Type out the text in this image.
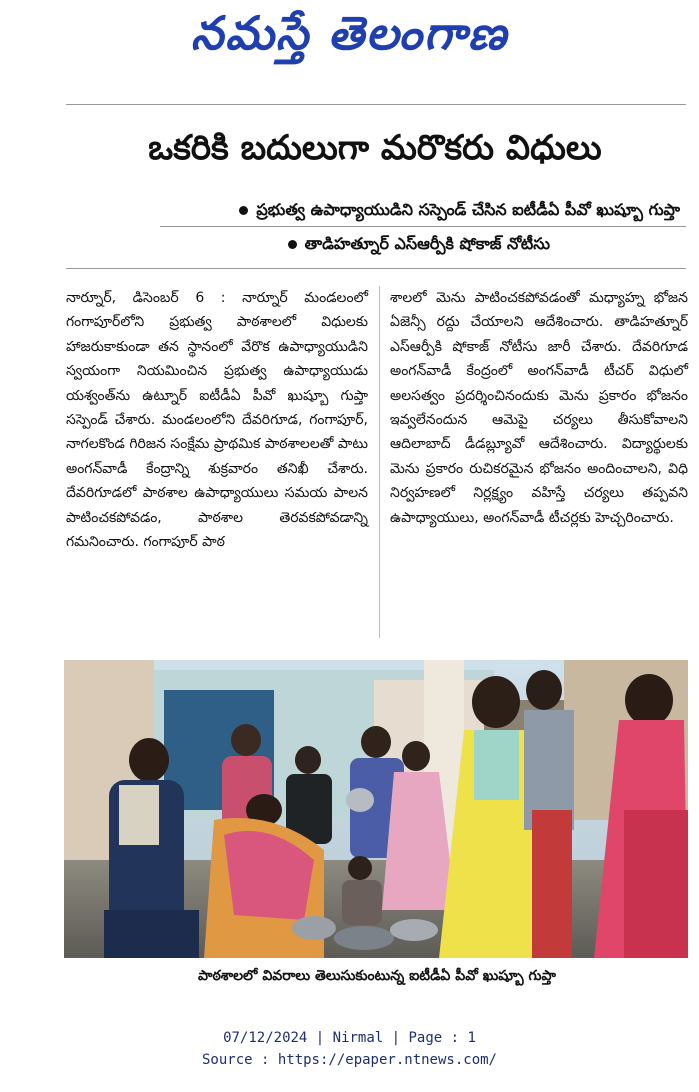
నమస్తే తెలంగాణ
ఒకరికి బదులుగా మరొకరు విధులు
ప్రభుత్వ ఉపాధ్యాయుడిని సస్పెండ్ చేసిన ఐటీడీఏ పీవో ఖుష్బూ గుప్తా
తాడిహత్నూర్ ఎస్ఆర్పీకి షోకాజ్ నోటీసు
నార్నూర్, డిసెంబర్ 6 : నార్నూర్ మండలంలో గంగాపూర్‌లోని ప్రభుత్వ పాఠశాలలో విధులకు హాజరుకాకుండా తన స్థానంలో వేరొక ఉపాధ్యాయుడిని స్వయంగా నియమించిన ప్రభుత్వ ఉపాధ్యాయుడు యశ్వంత్‌ను ఉట్నూర్ ఐటీడీఏ పీవో ఖుష్బూ గుప్తా సస్పెండ్ చేశారు. మండలంలోని దేవరిగూడ, గంగాపూర్, నాగలకొండ గిరిజన సంక్షేమ ప్రాథమిక పాఠశాలలతో పాటు అంగన్‌వాడీ కేంద్రాన్ని శుక్రవారం తనిఖీ చేశారు. దేవరిగూడలో పాఠశాల ఉపాధ్యాయులు సమయ పాలన పాటించకపోవడం, పాఠశాల తెరవకపోవడాన్ని గమనించారు. గంగాపూర్ పాఠ
శాలలో మెను పాటించకపోవడంతో మధ్యాహ్న భోజన ఏజెన్సీ రద్దు చేయాలని ఆదేశించారు. తాడిహత్నూర్ ఎస్ఆర్పీకి షోకాజ్ నోటీసు జారీ చేశారు. దేవరిగూడ అంగన్‌వాడీ కేంద్రంలో అంగన్‌వాడీ టీచర్ విధులో అలసత్వం ప్రదర్శించినందుకు మెను ప్రకారం భోజనం ఇవ్వలేనందున ఆమెపై చర్యలు తీసుకోవాలని ఆదిలాబాద్ డీడబ్ల్యూవో ఆదేశించారు. విద్యార్థులకు మెను ప్రకారం రుచికరమైన భోజనం అందించాలని, విధి నిర్వహణలో నిర్లక్ష్యం వహిస్తే చర్యలు తప్పవని ఉపాధ్యాయులు, అంగన్‌వాడీ టీచర్లకు హెచ్చరించారు.
పాఠశాలలో వివరాలు తెలుసుకుంటున్న ఐటీడీఏ పీవో ఖుష్బూ గుప్తా
07/12/2024 | Nirmal | Page : 1
Source : https://epaper.ntnews.com/
